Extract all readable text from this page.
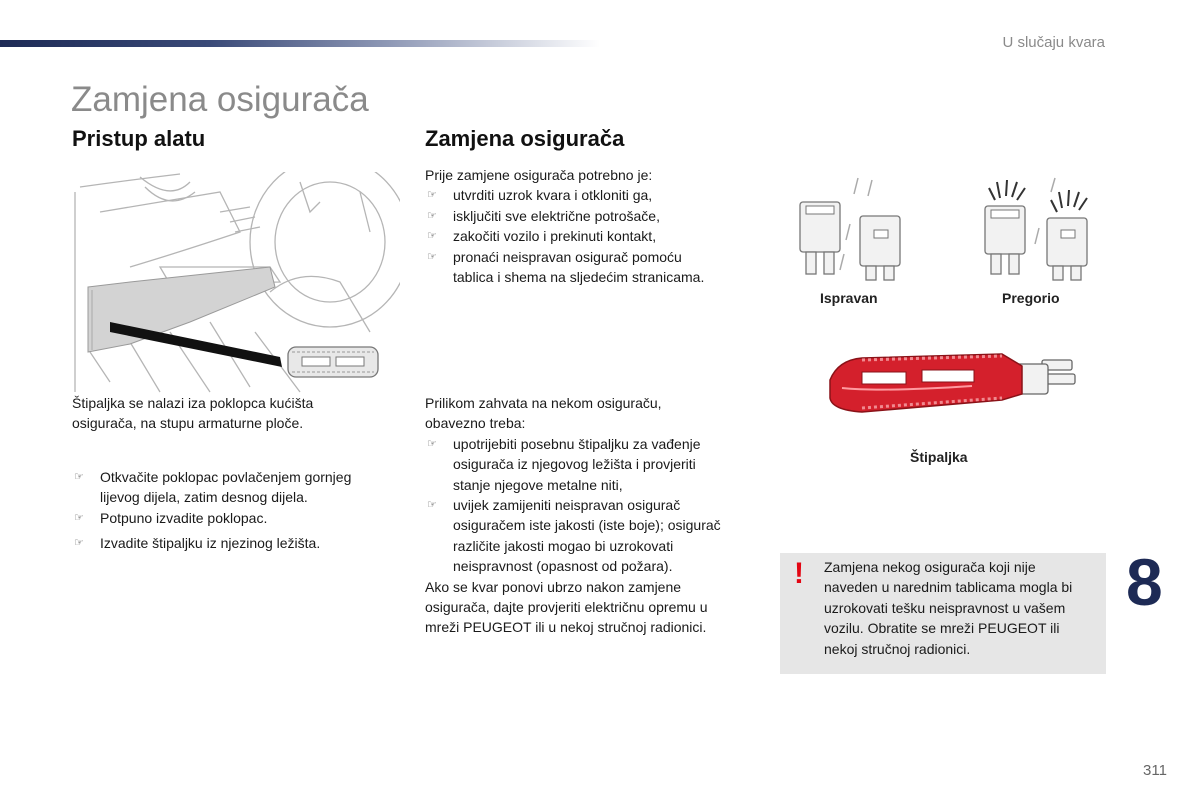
U slučaju kvara
Zamjena osigurača
Pristup alatu

Štipaljka se nalazi iza poklopca kućišta

osigurača, na stupu armaturne ploče.

☞ Otkvačite poklopac povlačenjem gornjeg
lijevog dijela, zatim desnog dijela.
☞ Potpuno izvadite poklopac.
☞ Izvadite štipaljku iz njezinog ležišta.
Zamjena osigurača

Prije zamjene osigurača potrebno je:

☞ utvrditi uzrok kvara i otkloniti ga,
☞ isključiti sve električne potrošače,
☞ zakočiti vozilo i prekinuti kontakt,
☞ pronaći neispravan osigurač pomoću
tablica i shema na sljedećim stranicama.

Prilikom zahvata na nekom osiguraču,

obavezno treba:

☞ upotrijebiti posebnu štipaljku za vađenje
osigurača iz njegovog ležišta i provjeriti
stanje njegove metalne niti,
☞ uvijek zamijeniti neispravan osigurač
osiguračem iste jakosti (iste boje); osigurač
različite jakosti mogao bi uzrokovati
neispravnost (opasnost od požara).

Ako se kvar ponovi ubrzo nakon zamjene

osigurača, dajte provjeriti električnu opremu u

mreži PEUGEOT ili u nekoj stručnoj radionici.

Ispravan	Pregorio
Štipaljka
! Zamjena nekog osigurača koji nije
naveden u narednim tablicama mogla bi
uzrokovati tešku neispravnost u vašem
vozilu. Obratite se mreži PEUGEOT ili
nekoj stručnoj radionici.
8
311
